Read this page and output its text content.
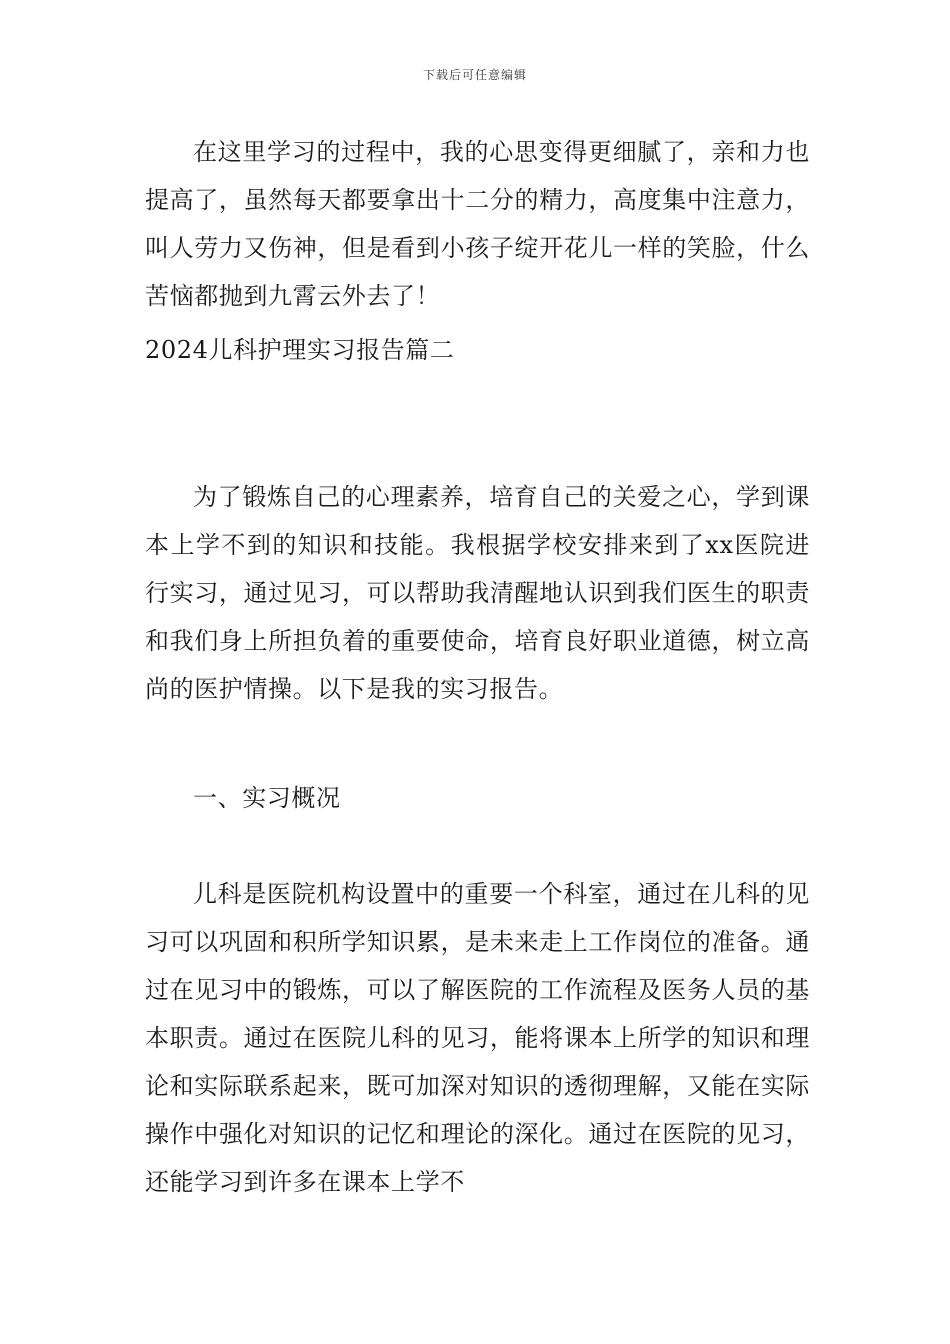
下载后可任意编辑

在这里学习的过程中，我的心思变得更细腻了，亲和力也提高了，虽然每天都要拿出十二分的精力，高度集中注意力，叫人劳力又伤神，但是看到小孩子绽开花儿一样的笑脸，什么苦恼都抛到九霄云外去了！

2024儿科护理实习报告篇二

为了锻炼自己的心理素养，培育自己的关爱之心，学到课本上学不到的知识和技能。我根据学校安排来到了xx医院进行实习，通过见习，可以帮助我清醒地认识到我们医生的职责和我们身上所担负着的重要使命，培育良好职业道德，树立高尚的医护情操。以下是我的实习报告。

一、实习概况

儿科是医院机构设置中的重要一个科室，通过在儿科的见习可以巩固和积所学知识累，是未来走上工作岗位的准备。通过在见习中的锻炼，可以了解医院的工作流程及医务人员的基本职责。通过在医院儿科的见习，能将课本上所学的知识和理论和实际联系起来，既可加深对知识的透彻理解，又能在实际操作中强化对知识的记忆和理论的深化。通过在医院的见习，还能学习到许多在课本上学不
